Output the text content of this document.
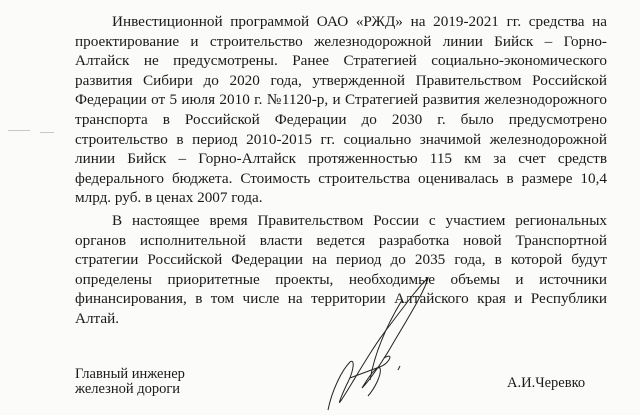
Инвестиционной программой ОАО «РЖД» на 2019-2021 гг. средства на проектирование и строительство железнодорожной линии Бийск – Горно-Алтайск не предусмотрены. Ранее Стратегией социально-экономического развития Сибири до 2020 года, утвержденной Правительством Российской Федерации от 5 июля 2010 г. №1120-р, и Стратегией развития железнодорожного транспорта в Российской Федерации до 2030 г. было предусмотрено строительство в период 2010-2015 гг. социально значимой железнодорожной линии Бийск – Горно-Алтайск протяженностью 115 км за счет средств федерального бюджета. Стоимость строительства оценивалась в размере 10,4 млрд. руб. в ценах 2007 года.

В настоящее время Правительством России с участием региональных органов исполнительной власти ведется разработка новой Транспортной стратегии Российской Федерации на период до 2035 года, в которой будут определены приоритетные проекты, необходимые объемы и источники финансирования, в том числе на территории Алтайского края и Республики Алтай.

Главный инженер
железной дороги	А.И.Черевко
